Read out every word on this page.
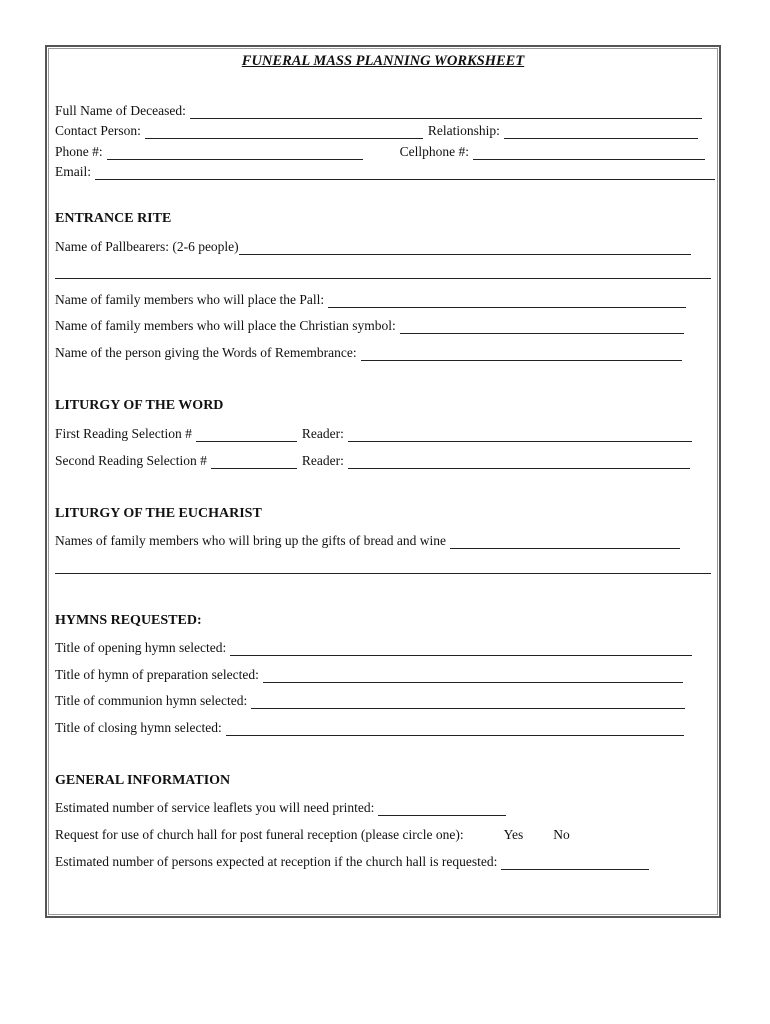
FUNERAL MASS PLANNING WORKSHEET
Full Name of Deceased:
Contact Person:	Relationship:
Phone #:	Cellphone #:
Email:
ENTRANCE RITE
Name of Pallbearers: (2-6 people)
Name of family members who will place the Pall:
Name of family members who will place the Christian symbol:
Name of the person giving the Words of Remembrance:
LITURGY OF THE WORD
First Reading Selection #	Reader:
Second Reading Selection #	Reader:
LITURGY OF THE EUCHARIST
Names of family members who will bring up the gifts of bread and wine
HYMNS REQUESTED:
Title of opening hymn selected:
Title of hymn of preparation selected:
Title of communion hymn selected:
Title of closing hymn selected:
GENERAL INFORMATION
Estimated number of service leaflets you will need printed:
Request for use of church hall for post funeral reception (please circle one):	Yes No
Estimated number of persons expected at reception if the church hall is requested:
